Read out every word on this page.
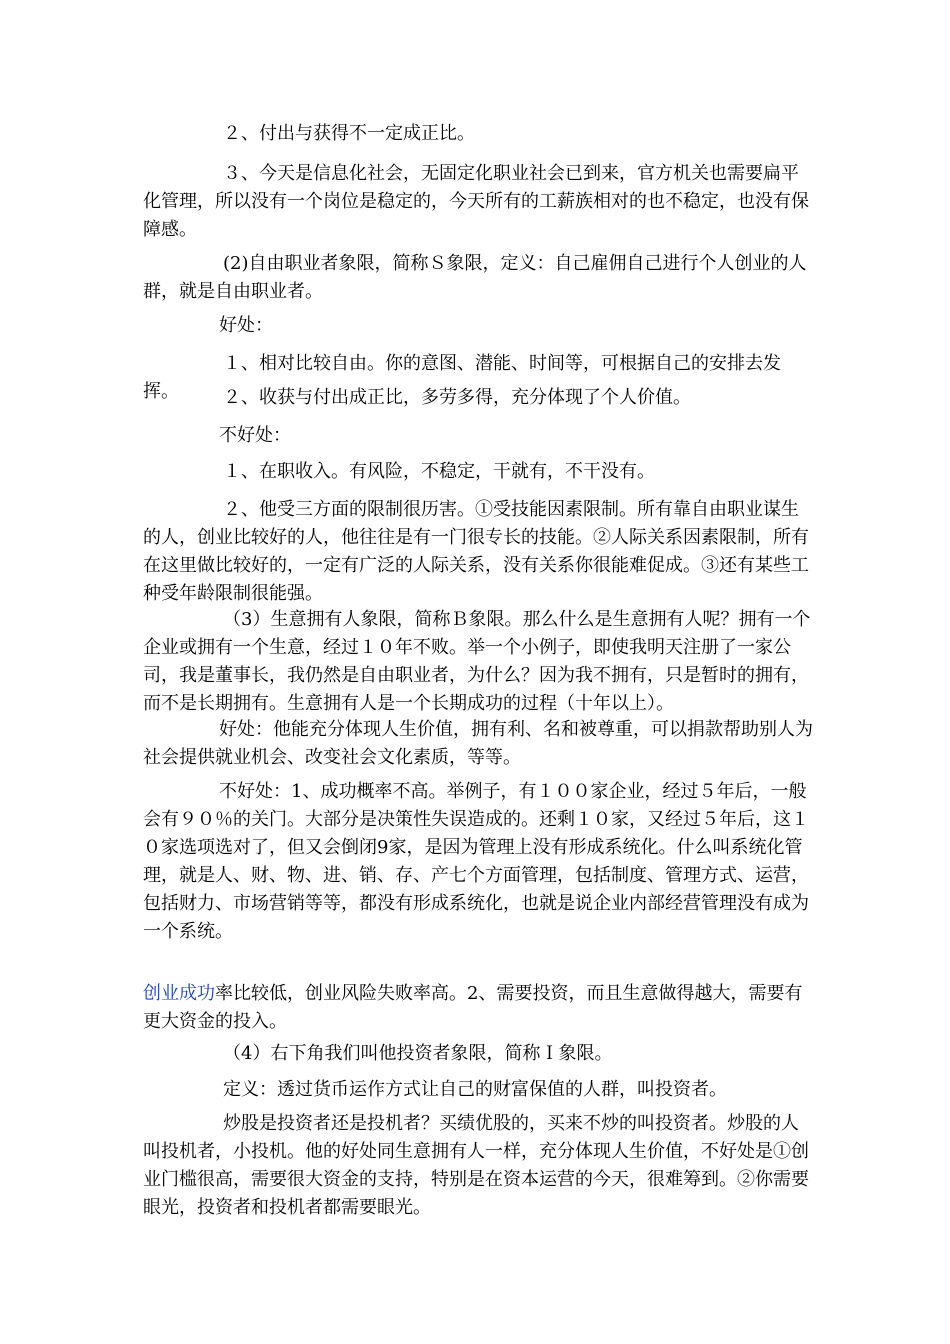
２、付出与获得不一定成正比。

３、今天是信息化社会，无固定化职业社会已到来，官方机关也需要扁平化管理，所以没有一个岗位是稳定的，今天所有的工薪族相对的也不稳定，也没有保障感。

(2)自由职业者象限，简称Ｓ象限，定义：自己雇佣自己进行个人创业的人群，就是自由职业者。

好处：

１、相对比较自由。你的意图、潜能、时间等，可根据自己的安排去发挥。	２、收获与付出成正比，多劳多得，充分体现了个人价值。

不好处：

１、在职收入。有风险，不稳定，干就有，不干没有。

２、他受三方面的限制很历害。①受技能因素限制。所有靠自由职业谋生的人，创业比较好的人，他往往是有一门很专长的技能。②人际关系因素限制，所有在这里做比较好的，一定有广泛的人际关系，没有关系你很能难促成。③还有某些工种受年龄限制很能强。

（3）生意拥有人象限，简称Ｂ象限。那么什么是生意拥有人呢？拥有一个企业或拥有一个生意，经过１０年不败。举一个小例子，即使我明天注册了一家公司，我是董事长，我仍然是自由职业者，为什么？因为我不拥有，只是暂时的拥有，而不是长期拥有。生意拥有人是一个长期成功的过程（十年以上）。

好处：他能充分体现人生价值，拥有利、名和被尊重，可以捐款帮助别人为社会提供就业机会、改变社会文化素质，等等。

不好处：1、成功概率不高。举例子，有１００家企业，经过５年后，一般会有９０％的关门。大部分是决策性失误造成的。还剩１０家，又经过５年后，这１０家选项选对了，但又会倒闭9家，是因为管理上没有形成系统化。什么叫系统化管理，就是人、财、物、进、销、存、产七个方面管理，包括制度、管理方式、运营，包括财力、市场营销等等，都没有形成系统化，也就是说企业内部经营管理没有成为一个系统。

创业成功率比较低，创业风险失败率高。2、需要投资，而且生意做得越大，需要有更大资金的投入。

（4）右下角我们叫他投资者象限，简称Ｉ象限。

定义：透过货币运作方式让自己的财富保值的人群，叫投资者。

炒股是投资者还是投机者？买绩优股的，买来不炒的叫投资者。炒股的人叫投机者，小投机。他的好处同生意拥有人一样，充分体现人生价值，不好处是①创业门槛很高，需要很大资金的支持，特别是在资本运营的今天，很难筹到。②你需要眼光，投资者和投机者都需要眼光。
